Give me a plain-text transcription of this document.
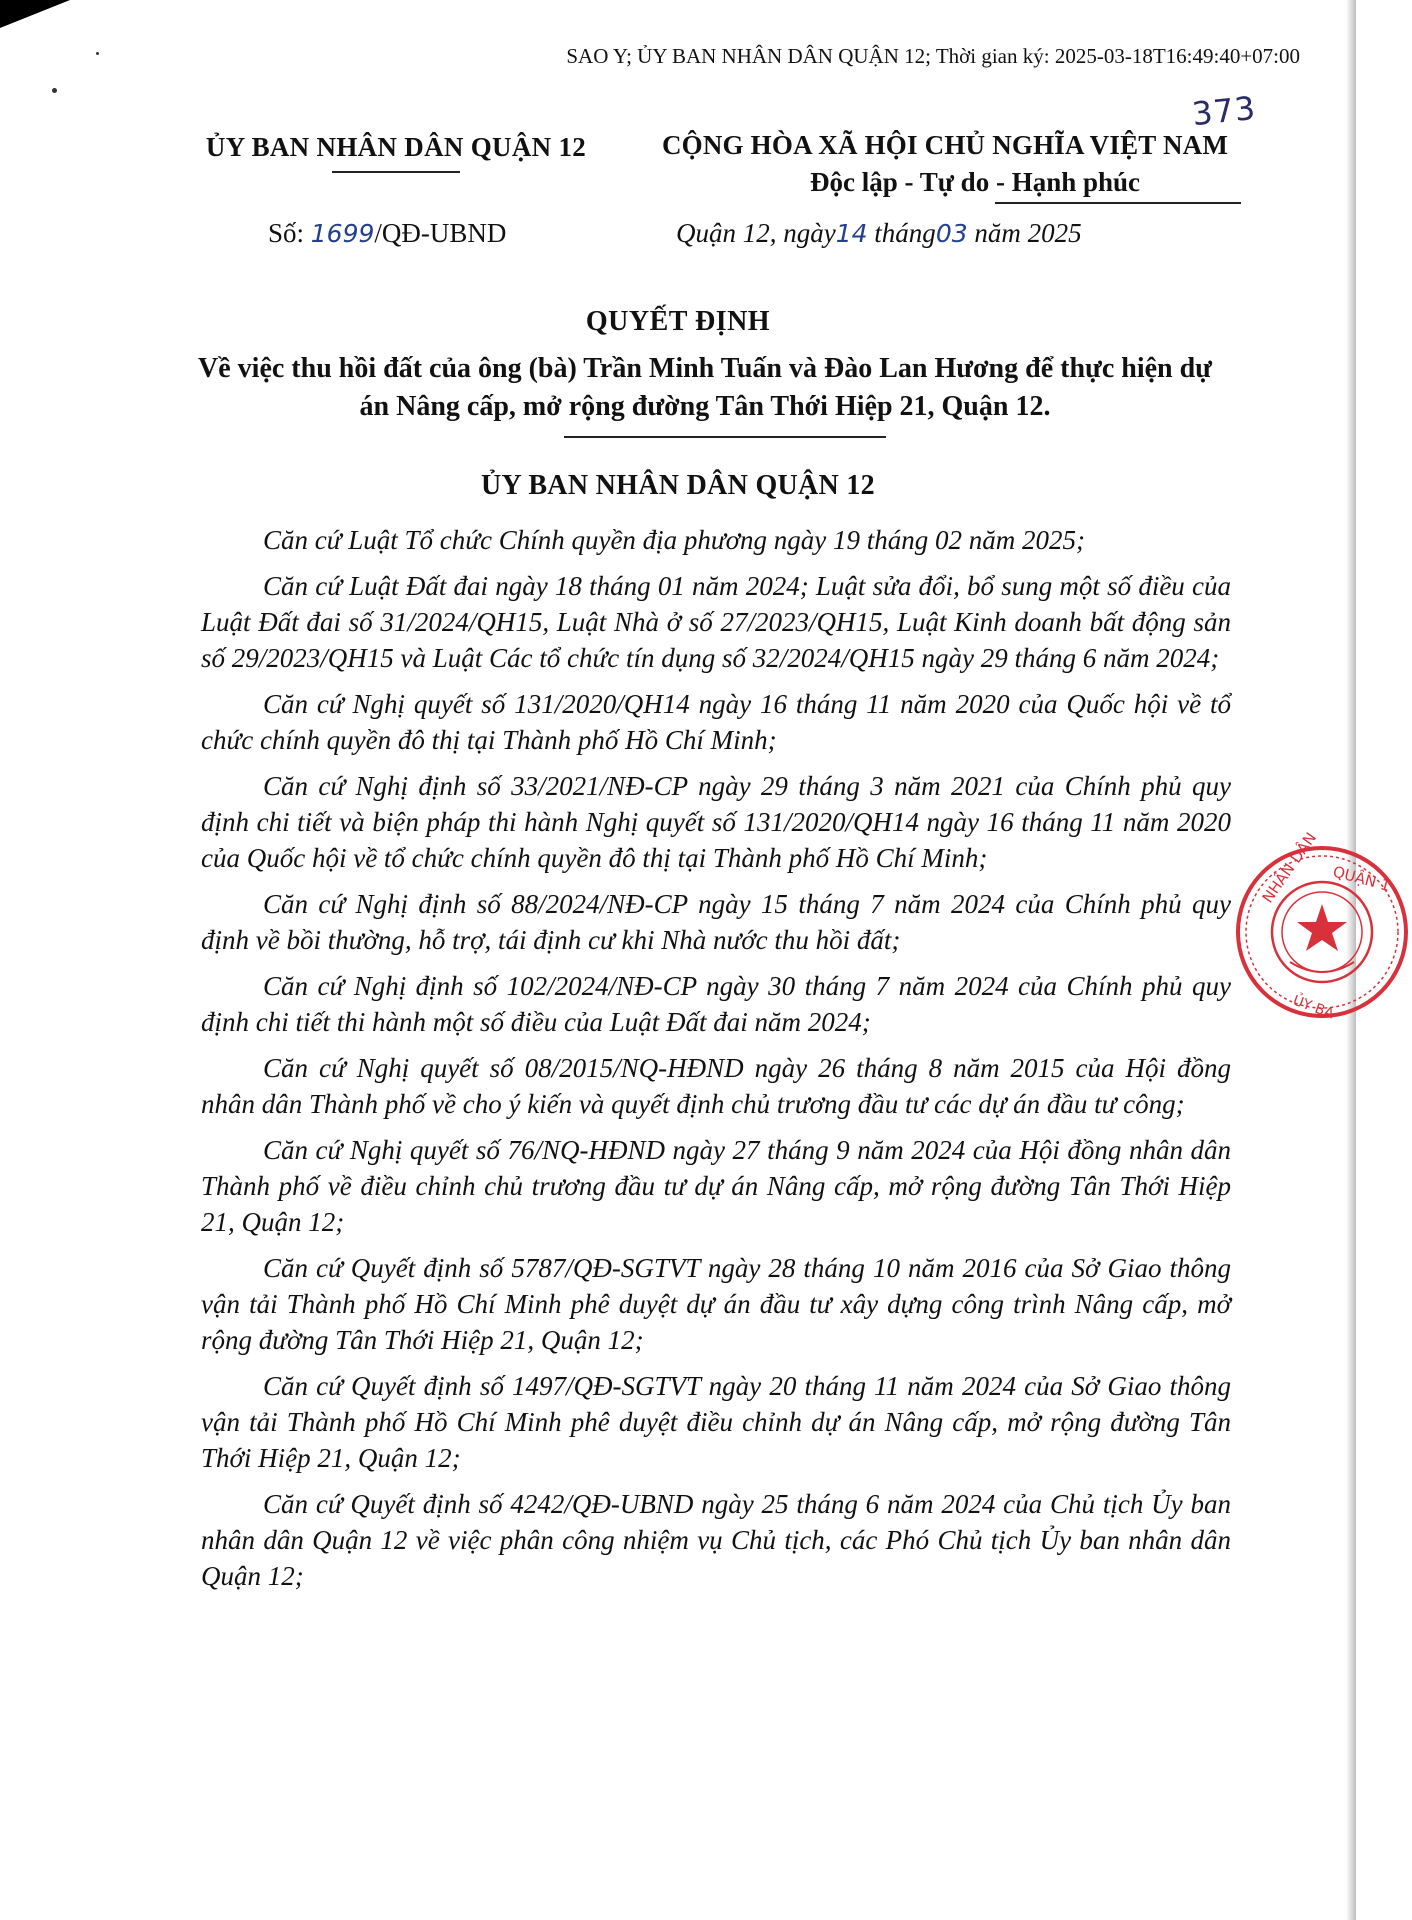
SAO Y; ỦY BAN NHÂN DÂN QUẬN 12; Thời gian ký: 2025-03-18T16:49:40+07:00
373
ỦY BAN NHÂN DÂN QUẬN 12	CỘNG HÒA XÃ HỘI CHỦ NGHĨA VIỆT NAM
Độc lập - Tự do - Hạnh phúc
Số: 1699/QĐ-UBND	Quận 12, ngày14 tháng03 năm 2025
QUYẾT ĐỊNH
Về việc thu hồi đất của ông (bà) Trần Minh Tuấn và Đào Lan Hương để thực hiện dự án Nâng cấp, mở rộng đường Tân Thới Hiệp 21, Quận 12.
ỦY BAN NHÂN DÂN QUẬN 12

Căn cứ Luật Tổ chức Chính quyền địa phương ngày 19 tháng 02 năm 2025;

Căn cứ Luật Đất đai ngày 18 tháng 01 năm 2024; Luật sửa đổi, bổ sung một số điều của Luật Đất đai số 31/2024/QH15, Luật Nhà ở số 27/2023/QH15, Luật Kinh doanh bất động sản số 29/2023/QH15 và Luật Các tổ chức tín dụng số 32/2024/QH15 ngày 29 tháng 6 năm 2024;

Căn cứ Nghị quyết số 131/2020/QH14 ngày 16 tháng 11 năm 2020 của Quốc hội về tổ chức chính quyền đô thị tại Thành phố Hồ Chí Minh;

Căn cứ Nghị định số 33/2021/NĐ-CP ngày 29 tháng 3 năm 2021 của Chính phủ quy định chi tiết và biện pháp thi hành Nghị quyết số 131/2020/QH14 ngày 16 tháng 11 năm 2020 của Quốc hội về tổ chức chính quyền đô thị tại Thành phố Hồ Chí Minh;

Căn cứ Nghị định số 88/2024/NĐ-CP ngày 15 tháng 7 năm 2024 của Chính phủ quy định về bồi thường, hỗ trợ, tái định cư khi Nhà nước thu hồi đất;

Căn cứ Nghị định số 102/2024/NĐ-CP ngày 30 tháng 7 năm 2024 của Chính phủ quy định chi tiết thi hành một số điều của Luật Đất đai năm 2024;

Căn cứ Nghị quyết số 08/2015/NQ-HĐND ngày 26 tháng 8 năm 2015 của Hội đồng nhân dân Thành phố về cho ý kiến và quyết định chủ trương đầu tư các dự án đầu tư công;

Căn cứ Nghị quyết số 76/NQ-HĐND ngày 27 tháng 9 năm 2024 của Hội đồng nhân dân Thành phố về điều chỉnh chủ trương đầu tư dự án Nâng cấp, mở rộng đường Tân Thới Hiệp 21, Quận 12;

Căn cứ Quyết định số 5787/QĐ-SGTVT ngày 28 tháng 10 năm 2016 của Sở Giao thông vận tải Thành phố Hồ Chí Minh phê duyệt dự án đầu tư xây dựng công trình Nâng cấp, mở rộng đường Tân Thới Hiệp 21, Quận 12;

Căn cứ Quyết định số 1497/QĐ-SGTVT ngày 20 tháng 11 năm 2024 của Sở Giao thông vận tải Thành phố Hồ Chí Minh phê duyệt điều chỉnh dự án Nâng cấp, mở rộng đường Tân Thới Hiệp 21, Quận 12;

Căn cứ Quyết định số 4242/QĐ-UBND ngày 25 tháng 6 năm 2024 của Chủ tịch Ủy ban nhân dân Quận 12 về việc phân công nhiệm vụ Chủ tịch, các Phó Chủ tịch Ủy ban nhân dân Quận 12;

NHÂN DÂN QUẬN 1
ỦY BA
